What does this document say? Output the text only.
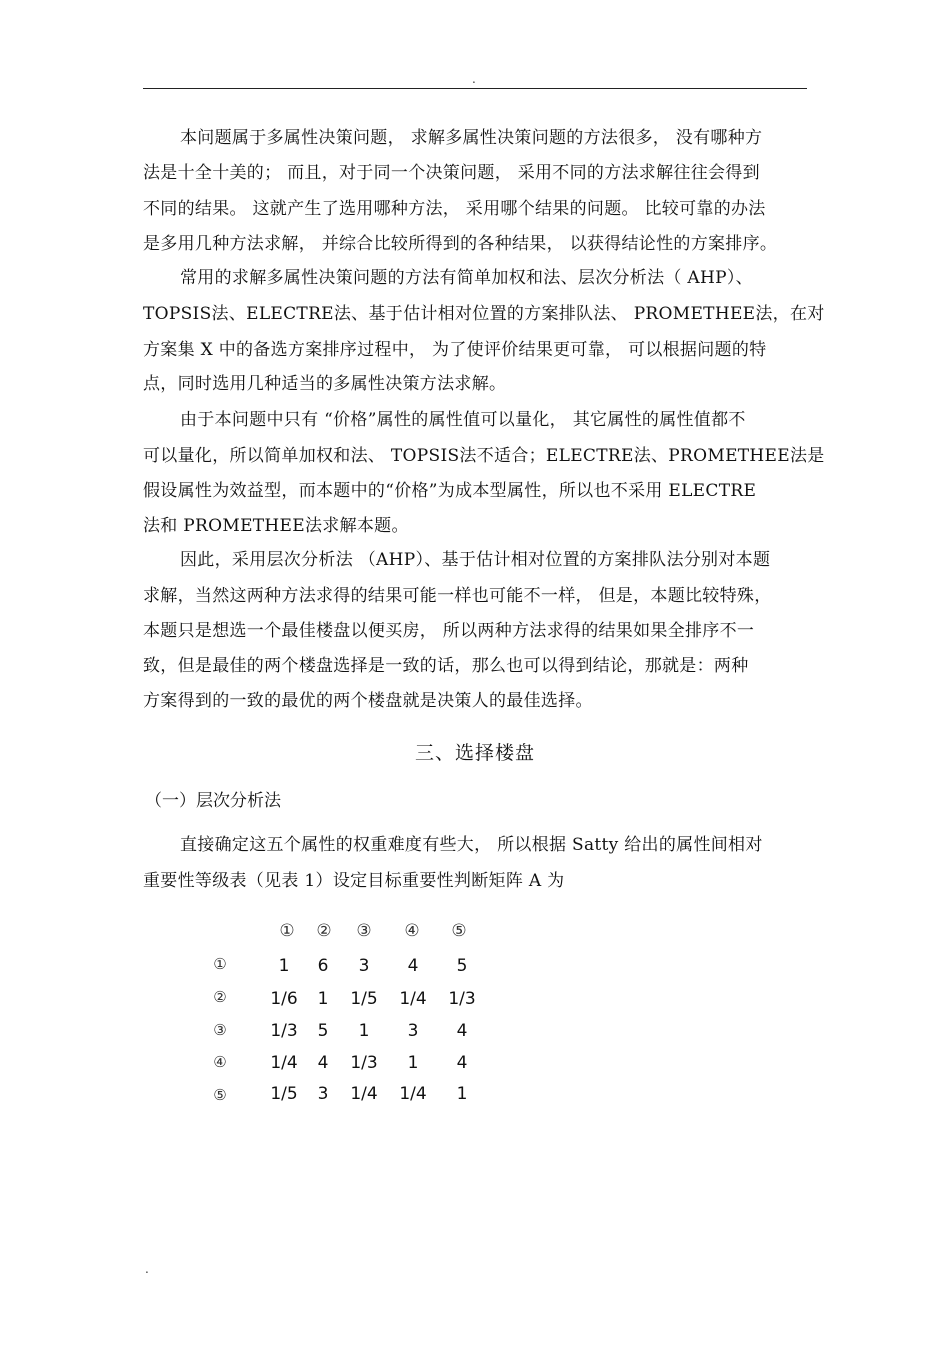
.
本问题属于多属性决策问题， 求解多属性决策问题的方法很多， 没有哪种方
法是十全十美的； 而且，对于同一个决策问题， 采用不同的方法求解往往会得到
不同的结果。 这就产生了选用哪种方法， 采用哪个结果的问题。 比较可靠的办法
是多用几种方法求解， 并综合比较所得到的各种结果， 以获得结论性的方案排序。
常用的求解多属性决策问题的方法有简单加权和法、层次分析法（ AHP）、
TOPSIS法、ELECTRE法、基于估计相对位置的方案排队法、 PROMETHEE法，在对
方案集 X 中的备选方案排序过程中， 为了使评价结果更可靠， 可以根据问题的特
点，同时选用几种适当的多属性决策方法求解。
由于本问题中只有 “价格”属性的属性值可以量化， 其它属性的属性值都不
可以量化，所以简单加权和法、 TOPSIS法不适合；ELECTRE法、PROMETHEE法是
假设属性为效益型，而本题中的“价格”为成本型属性，所以也不采用 ELECTRE
法和 PROMETHEE法求解本题。
因此，采用层次分析法 （AHP）、基于估计相对位置的方案排队法分别对本题
求解，当然这两种方法求得的结果可能一样也可能不一样， 但是，本题比较特殊，
本题只是想选一个最佳楼盘以便买房， 所以两种方法求得的结果如果全排序不一
致，但是最佳的两个楼盘选择是一致的话，那么也可以得到结论，那就是：两种
方案得到的一致的最优的两个楼盘就是决策人的最佳选择。
三、选择楼盘
（一）层次分析法
直接确定这五个属性的权重难度有些大， 所以根据 Satty 给出的属性间相对
重要性等级表（见表 1）设定目标重要性判断矩阵 A 为
① ② ③ ④ ⑤
①	1 6 3 4 5
②	1/6 1 1/5 1/4 1/3
③	1/3 5 1 3 4
④	1/4 4 1/3 1 4
⑤	1/5 3 1/4 1/4 1
.
